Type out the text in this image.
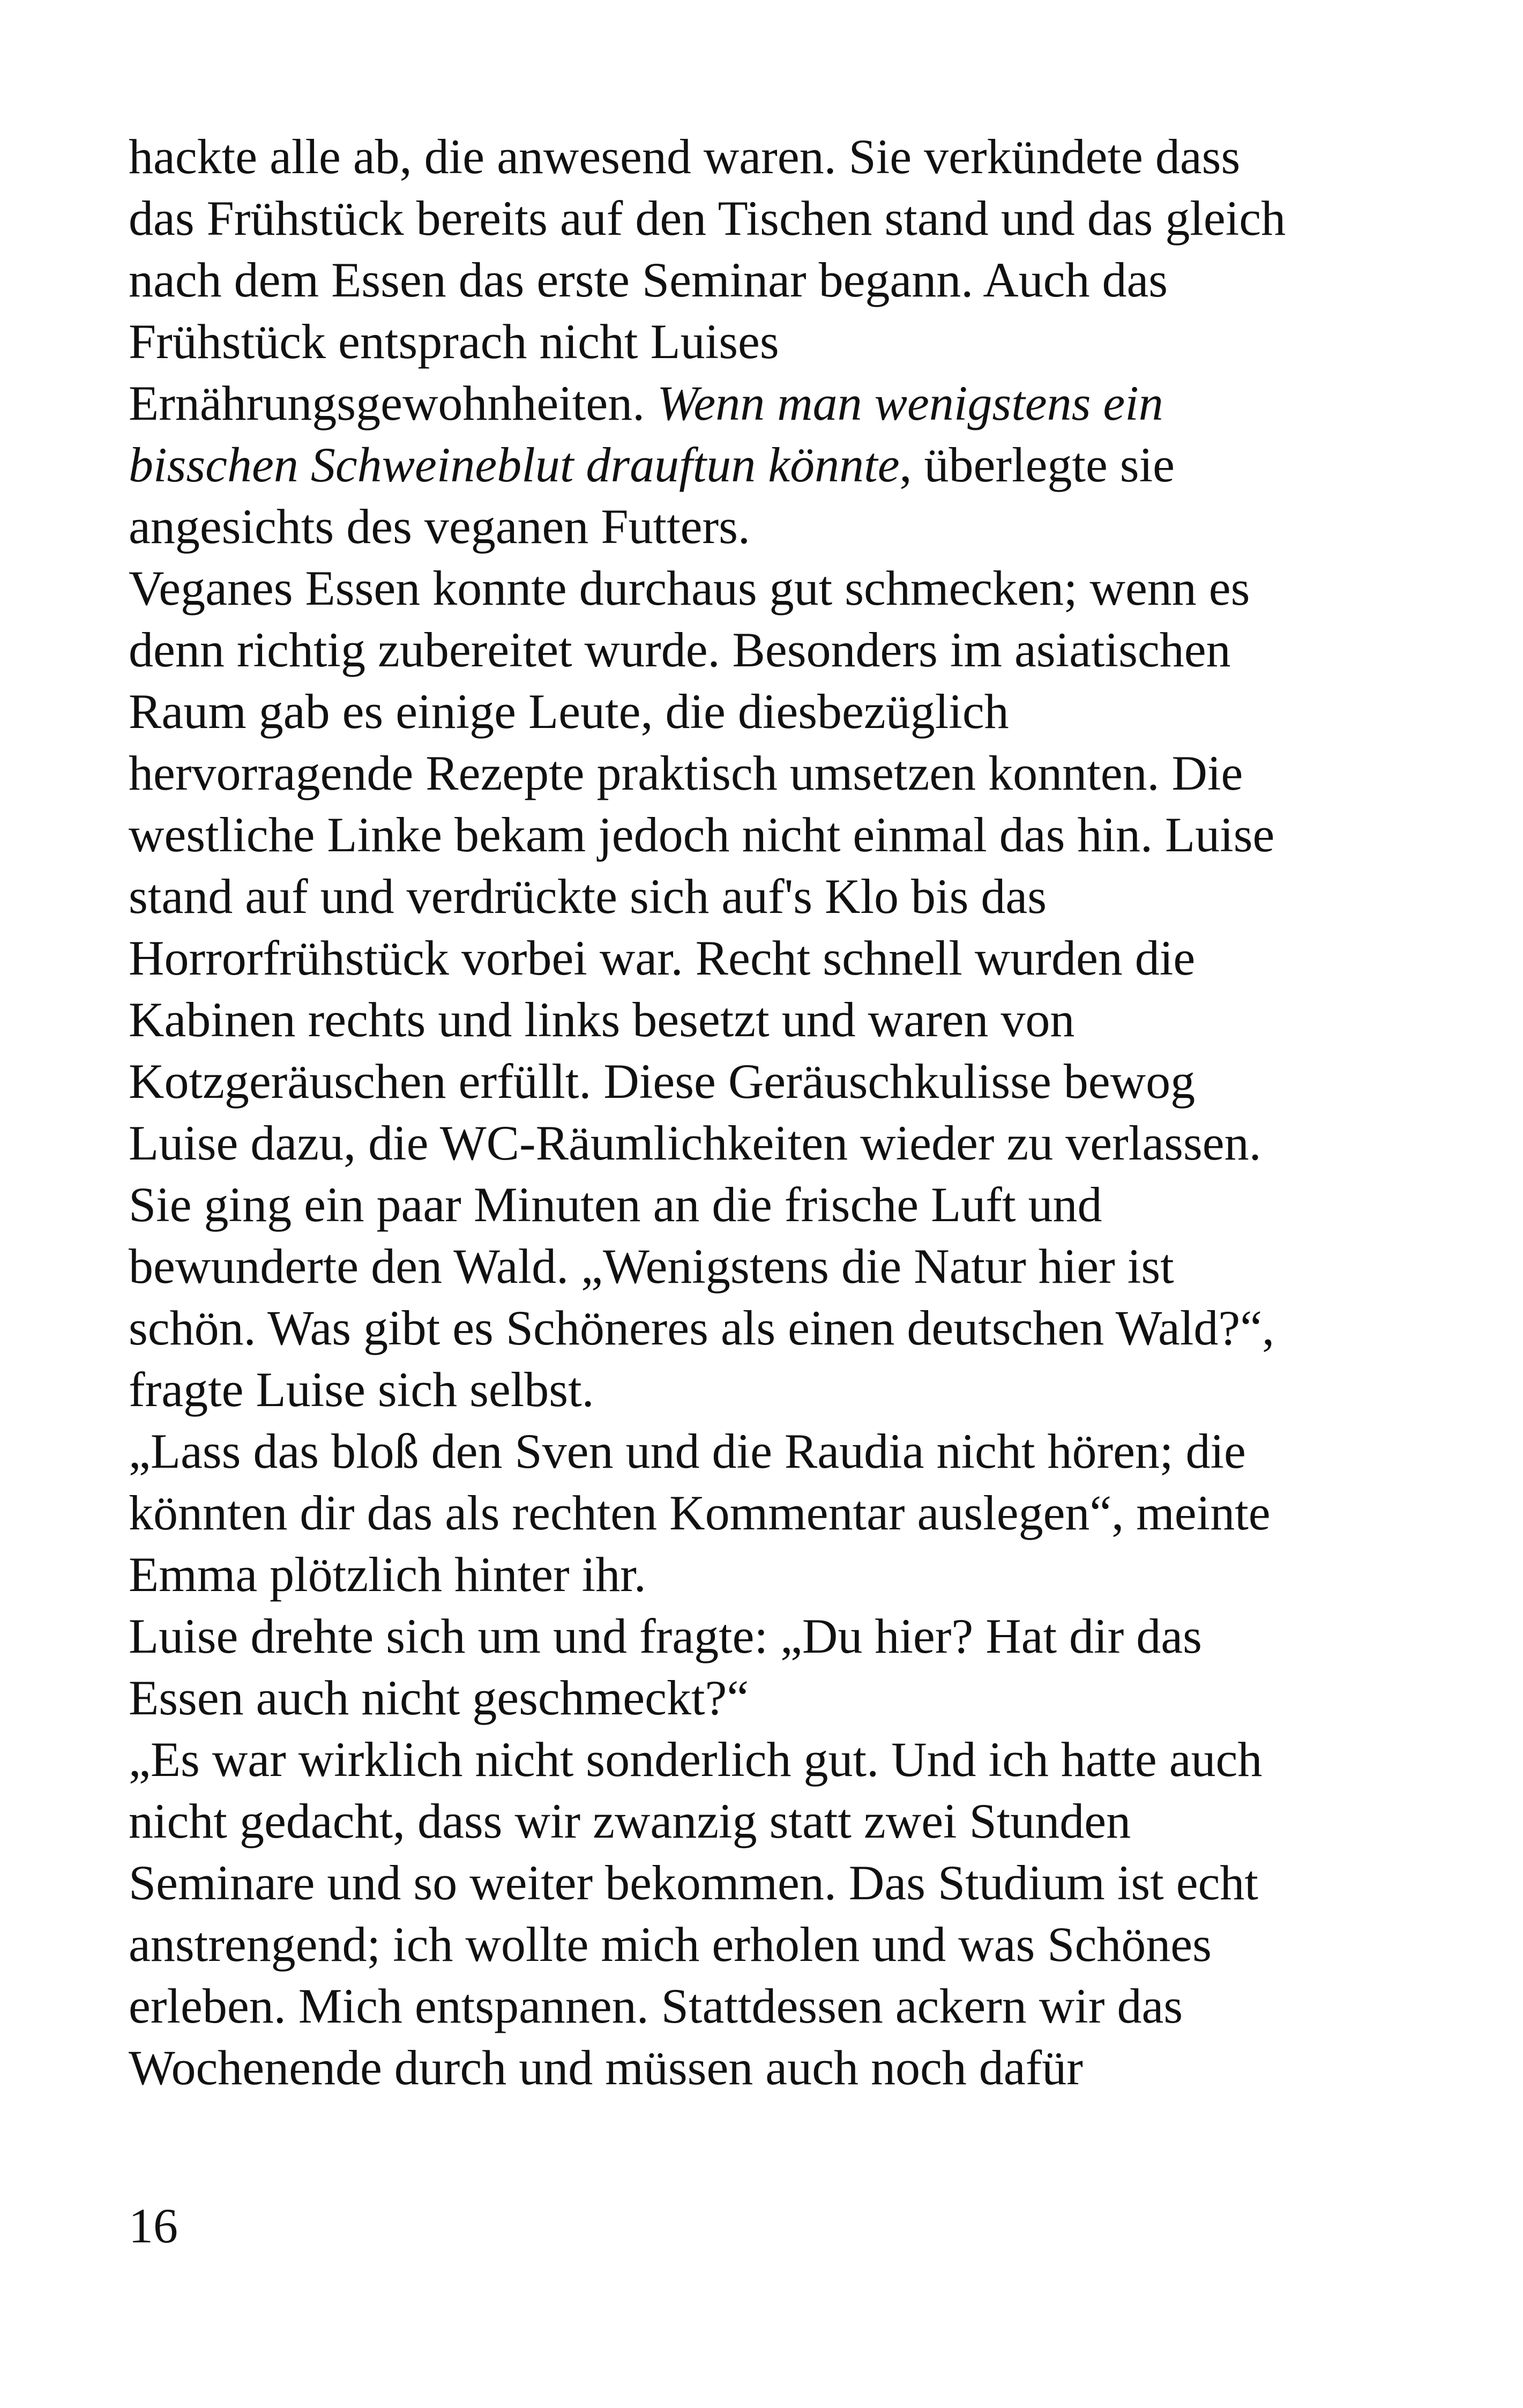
hackte alle ab, die anwesend waren. Sie verkündete dass
das Frühstück bereits auf den Tischen stand und das gleich
nach dem Essen das erste Seminar begann. Auch das
Frühstück entsprach nicht Luises
Ernährungsgewohnheiten. Wenn man wenigstens ein
bisschen Schweineblut drauftun könnte, überlegte sie
angesichts des veganen Futters.
Veganes Essen konnte durchaus gut schmecken; wenn es
denn richtig zubereitet wurde. Besonders im asiatischen
Raum gab es einige Leute, die diesbezüglich
hervorragende Rezepte praktisch umsetzen konnten. Die
westliche Linke bekam jedoch nicht einmal das hin. Luise
stand auf und verdrückte sich auf's Klo bis das
Horrorfrühstück vorbei war. Recht schnell wurden die
Kabinen rechts und links besetzt und waren von
Kotzgeräuschen erfüllt. Diese Geräuschkulisse bewog
Luise dazu, die WC-Räumlichkeiten wieder zu verlassen.
Sie ging ein paar Minuten an die frische Luft und
bewunderte den Wald. „Wenigstens die Natur hier ist
schön. Was gibt es Schöneres als einen deutschen Wald?“,
fragte Luise sich selbst.
„Lass das bloß den Sven und die Raudia nicht hören; die
könnten dir das als rechten Kommentar auslegen“, meinte
Emma plötzlich hinter ihr.
Luise drehte sich um und fragte: „Du hier? Hat dir das
Essen auch nicht geschmeckt?“
„Es war wirklich nicht sonderlich gut. Und ich hatte auch
nicht gedacht, dass wir zwanzig statt zwei Stunden
Seminare und so weiter bekommen. Das Studium ist echt
anstrengend; ich wollte mich erholen und was Schönes
erleben. Mich entspannen. Stattdessen ackern wir das
Wochenende durch und müssen auch noch dafür
16
